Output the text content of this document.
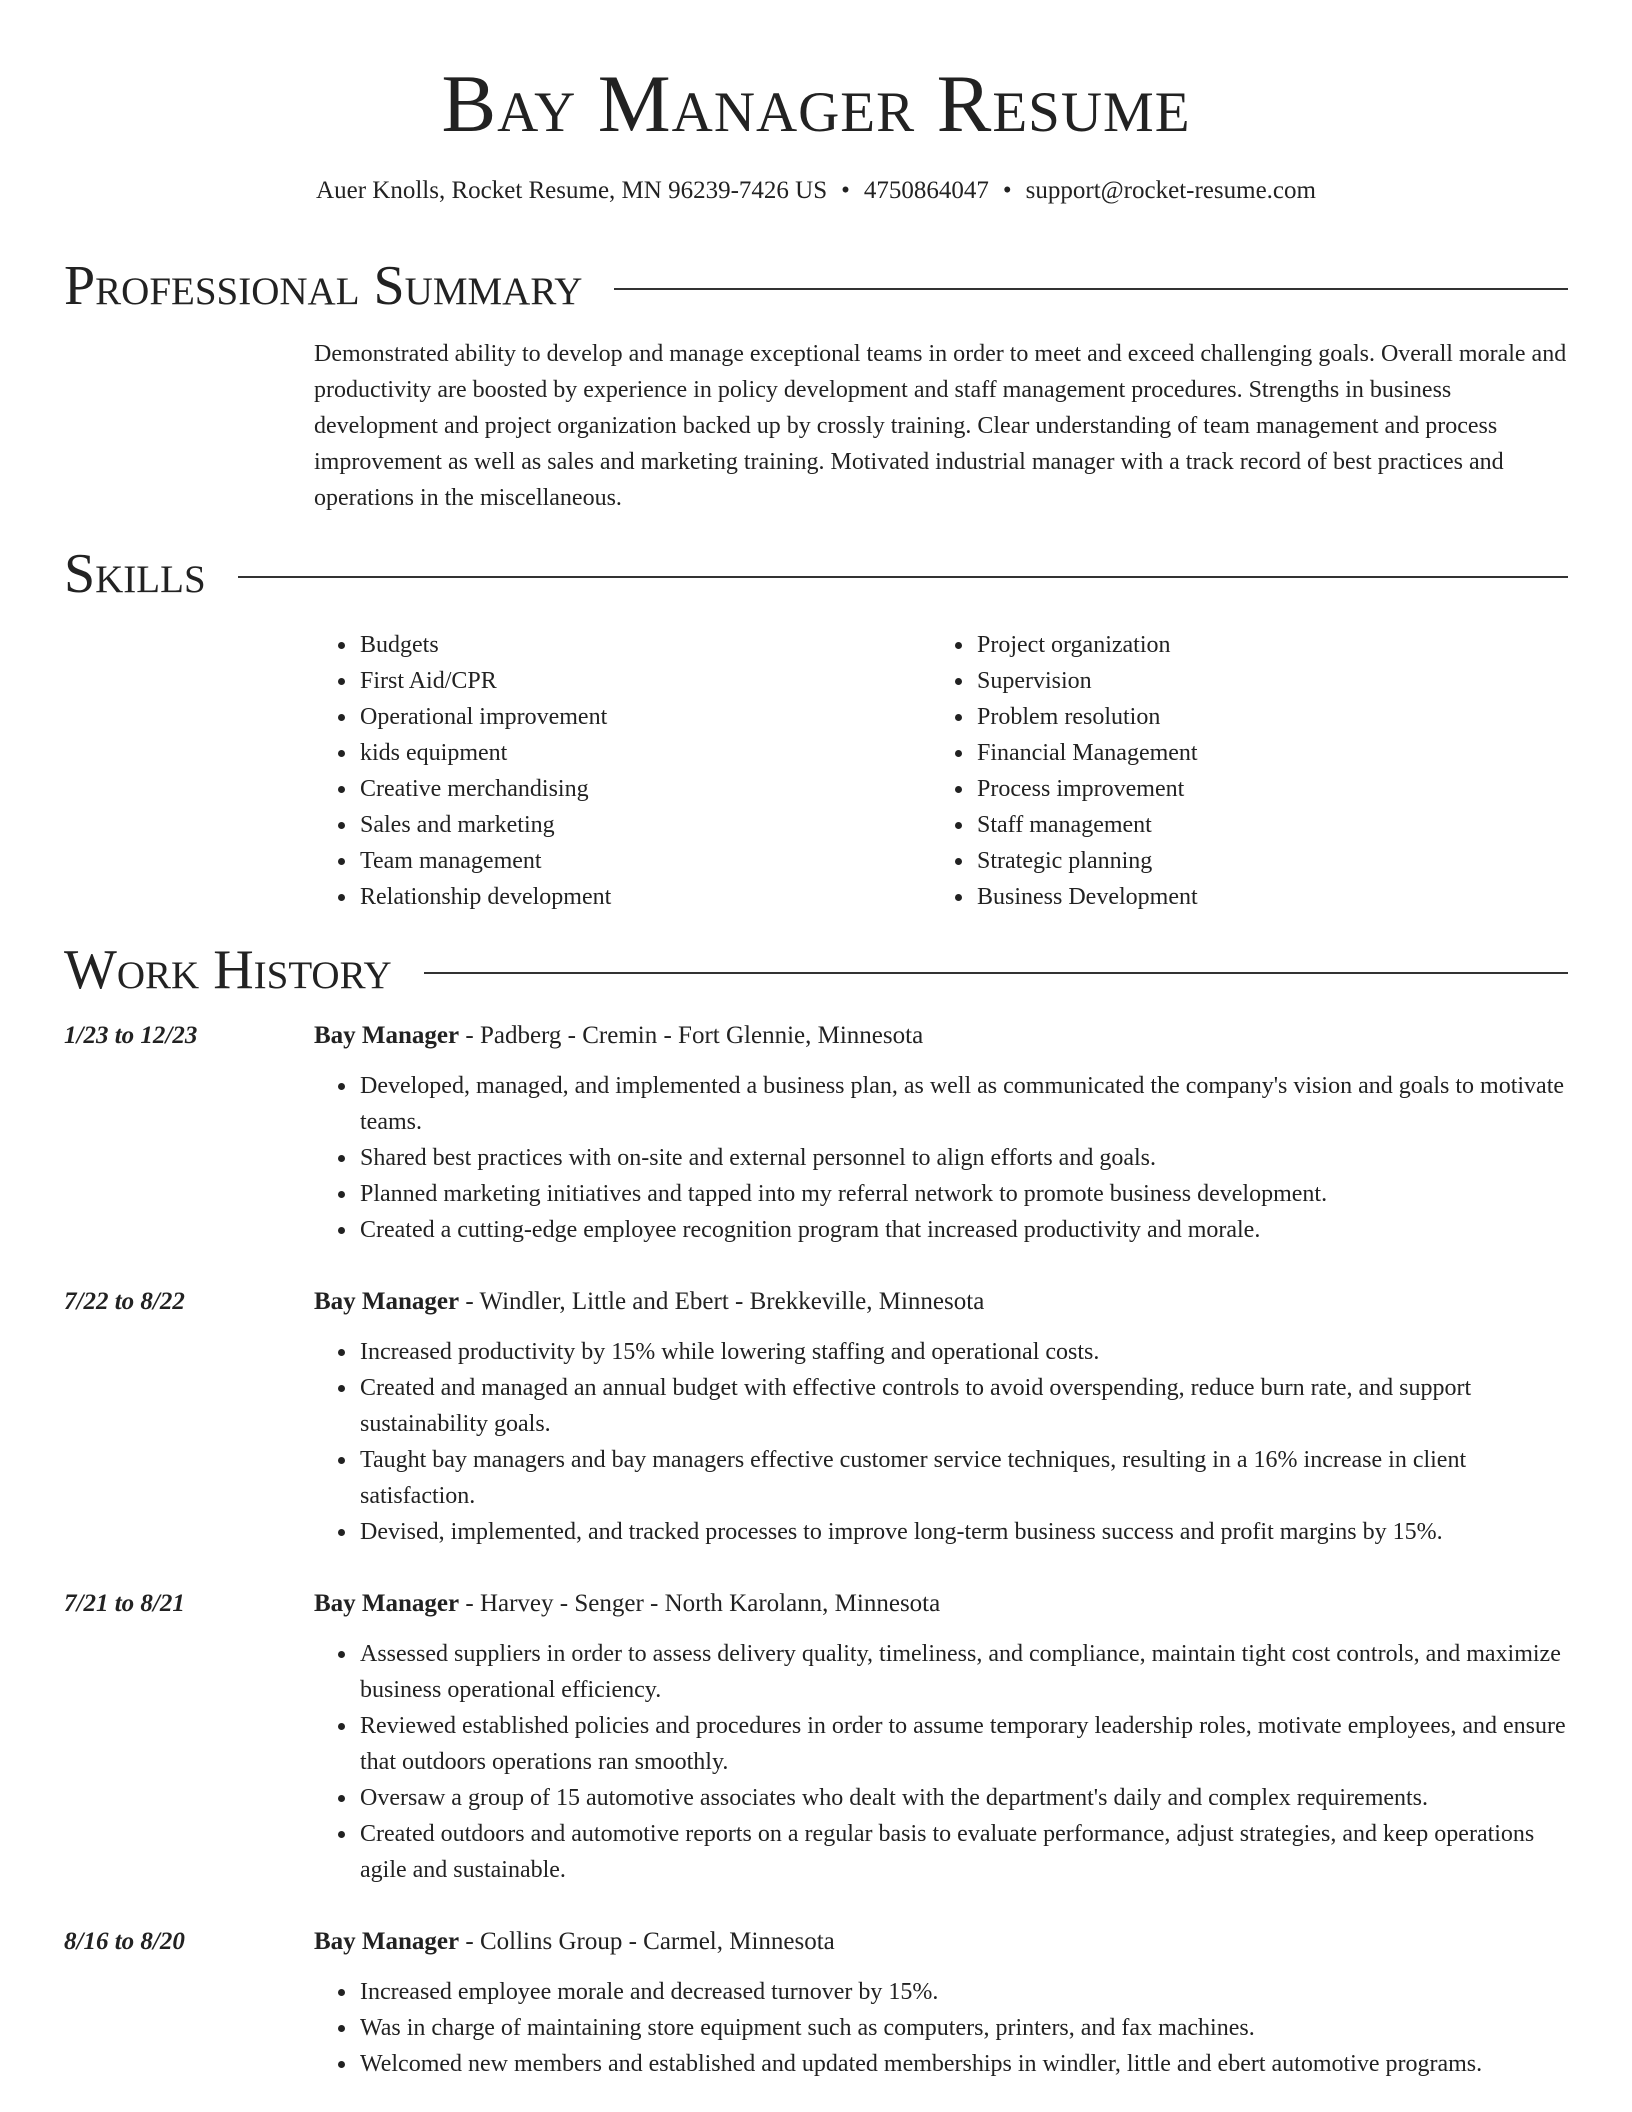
Bay Manager Resume
Auer Knolls, Rocket Resume, MN 96239-7426 US • 4750864047 • support@rocket-resume.com
Professional Summary

Demonstrated ability to develop and manage exceptional teams in order to meet and exceed challenging goals. Overall morale and productivity are boosted by experience in policy development and staff management procedures. Strengths in business development and project organization backed up by crossly training. Clear understanding of team management and process improvement as well as sales and marketing training. Motivated industrial manager with a track record of best practices and operations in the miscellaneous.

Skills
• Budgets
• First Aid/CPR
• Operational improvement
• kids equipment
• Creative merchandising
• Sales and marketing
• Team management
• Relationship development
• Project organization
• Supervision
• Problem resolution
• Financial Management
• Process improvement
• Staff management
• Strategic planning
• Business Development
Work History
1/23 to 12/23	Bay Manager - Padberg - Cremin - Fort Glennie, Minnesota
• Developed, managed, and implemented a business plan, as well as communicated the company's vision and goals to motivate teams.
• Shared best practices with on-site and external personnel to align efforts and goals.
• Planned marketing initiatives and tapped into my referral network to promote business development.
• Created a cutting-edge employee recognition program that increased productivity and morale.
7/22 to 8/22	Bay Manager - Windler, Little and Ebert - Brekkeville, Minnesota
• Increased productivity by 15% while lowering staffing and operational costs.
• Created and managed an annual budget with effective controls to avoid overspending, reduce burn rate, and support sustainability goals.
• Taught bay managers and bay managers effective customer service techniques, resulting in a 16% increase in client satisfaction.
• Devised, implemented, and tracked processes to improve long-term business success and profit margins by 15%.
7/21 to 8/21	Bay Manager - Harvey - Senger - North Karolann, Minnesota
• Assessed suppliers in order to assess delivery quality, timeliness, and compliance, maintain tight cost controls, and maximize business operational efficiency.
• Reviewed established policies and procedures in order to assume temporary leadership roles, motivate employees, and ensure that outdoors operations ran smoothly.
• Oversaw a group of 15 automotive associates who dealt with the department's daily and complex requirements.
• Created outdoors and automotive reports on a regular basis to evaluate performance, adjust strategies, and keep operations agile and sustainable.
8/16 to 8/20	Bay Manager - Collins Group - Carmel, Minnesota
• Increased employee morale and decreased turnover by 15%.
• Was in charge of maintaining store equipment such as computers, printers, and fax machines.
• Welcomed new members and established and updated memberships in windler, little and ebert automotive programs.
